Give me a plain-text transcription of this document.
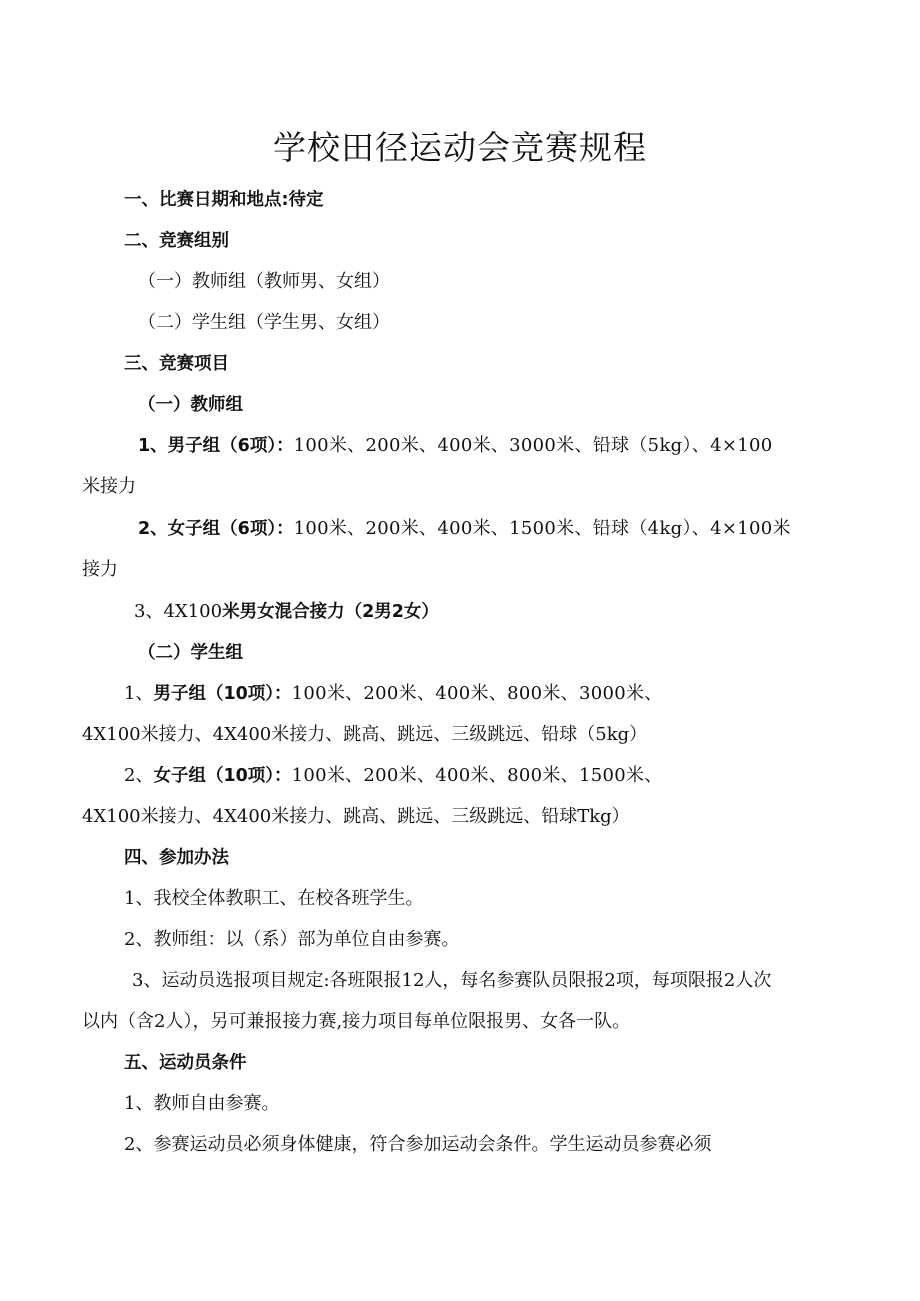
学校田径运动会竞赛规程
一、比赛日期和地点:待定
二、竞赛组别
（一）教师组（教师男、女组）
（二）学生组（学生男、女组）
三、竞赛项目
（一）教师组
1、男子组（6项）：100米、200米、400米、3000米、铅球（5kg）、4×100
米接力
2、女子组（6项）：100米、200米、400米、1500米、铅球（4kg）、4×100米
接力
3、4X100米男女混合接力（2男2女）
（二）学生组
1、男子组（10项）：100米、200米、400米、800米、3000米、
4X100米接力、4X400米接力、跳高、跳远、三级跳远、铅球（5kg）
2、女子组（10项）：100米、200米、400米、800米、1500米、
4X100米接力、4X400米接力、跳高、跳远、三级跳远、铅球Tkg）
四、参加办法
1、我校全体教职工、在校各班学生。
2、教师组：以（系）部为单位自由参赛。
3、运动员选报项目规定:各班限报12人，每名参赛队员限报2项，每项限报2人次
以内（含2人），另可兼报接力赛,接力项目每单位限报男、女各一队。
五、运动员条件
1、教师自由参赛。
2、参赛运动员必须身体健康，符合参加运动会条件。学生运动员参赛必须
